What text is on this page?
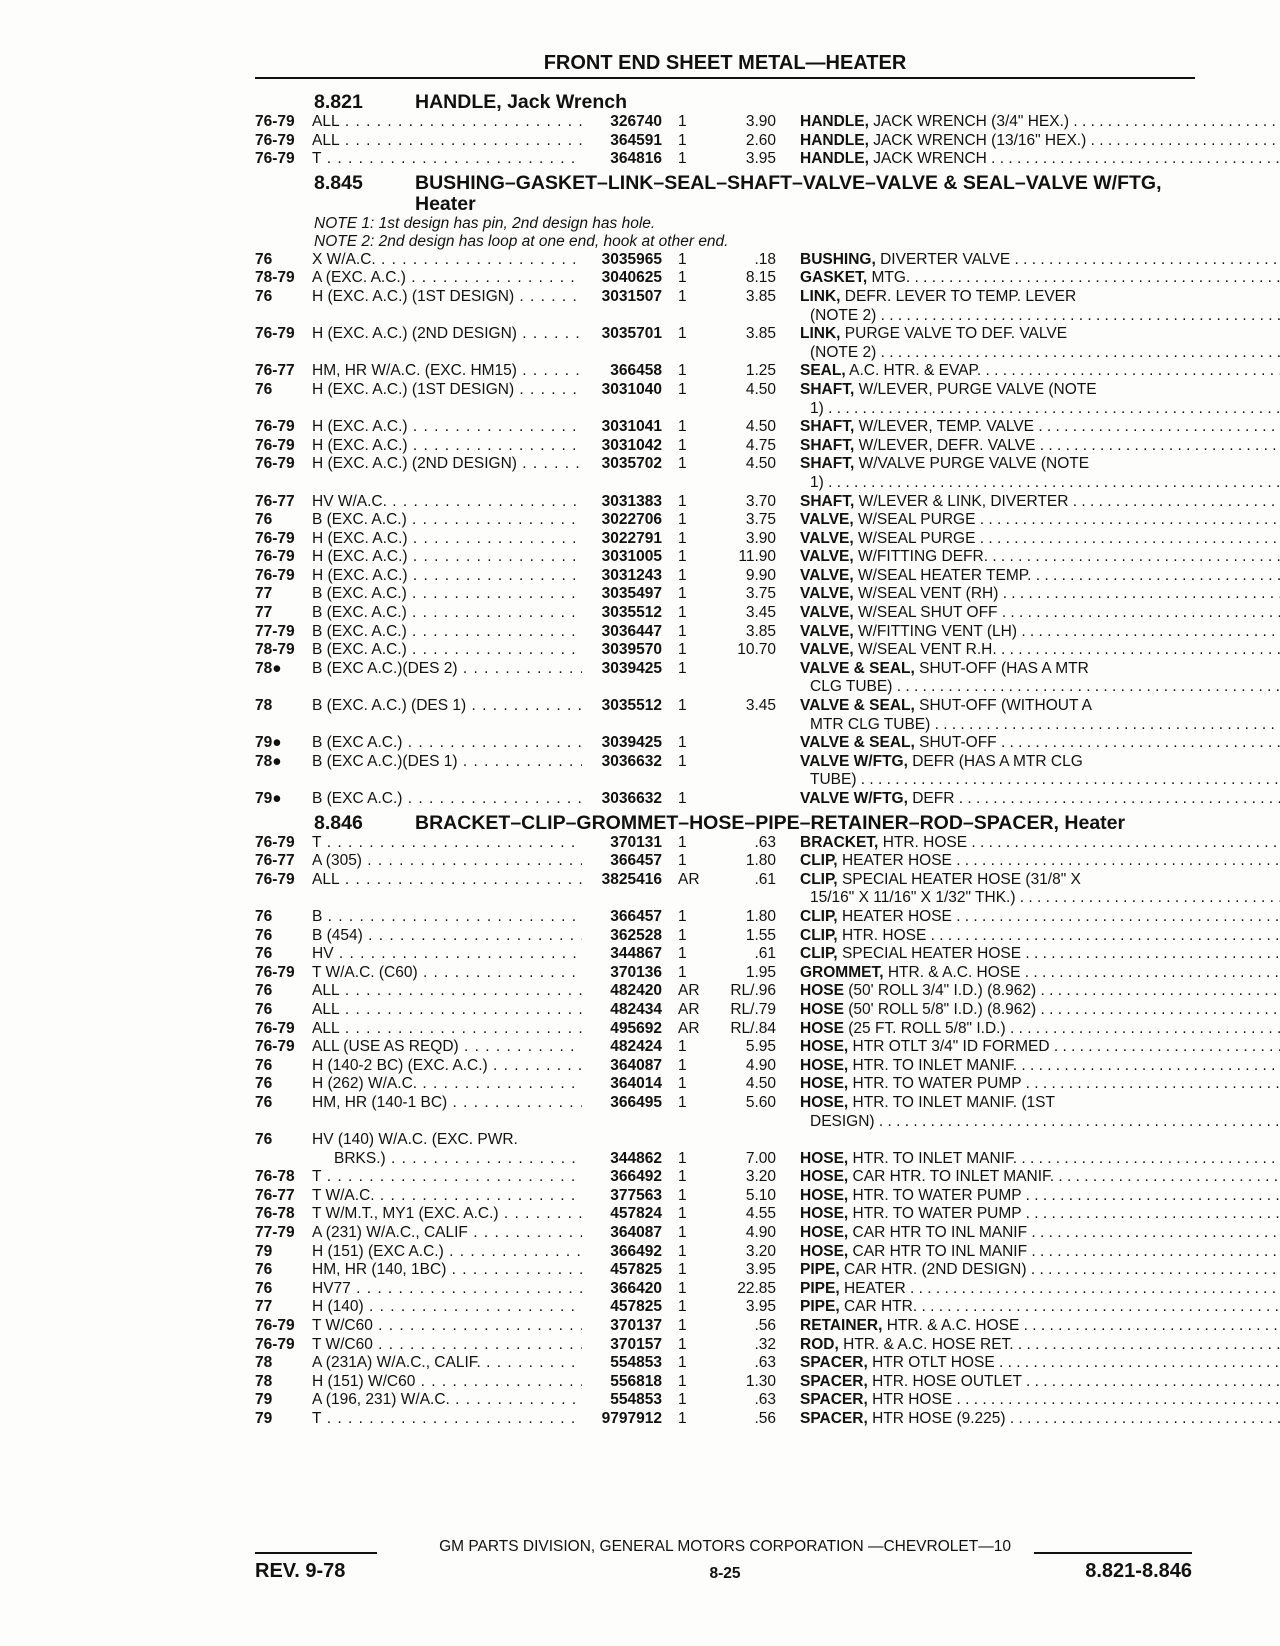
FRONT END SHEET METAL—HEATER
8.821	HANDLE, Jack Wrench
76-79	ALL . . .	326740	1	3.90 HANDLE, JACK WRENCH (3/4" HEX.) . . .
76-79	ALL . . .	364591	1	2.60 HANDLE, JACK WRENCH (13/16" HEX.) . . .
76-79	T . . .	364816	1	3.95 HANDLE, JACK WRENCH . . .
8.845	BUSHING–GASKET–LINK–SEAL–SHAFT–VALVE–VALVE & SEAL–VALVE W/FTG, Heater
NOTE 1: 1st design has pin, 2nd design has hole.
NOTE 2: 2nd design has loop at one end, hook at other end.
76	X W/A.C. . . .	3035965	1	.18 BUSHING, DIVERTER VALVE . . .
78-79	A (EXC. A.C.) . . .	3040625	1	8.15 GASKET, MTG. . . .
76	H (EXC. A.C.) (1ST DESIGN) . . .	3031507	1	3.85 LINK, DEFR. LEVER TO TEMP. LEVER
(NOTE 2) . . .
76-79	H (EXC. A.C.) (2ND DESIGN) . . .	3035701	1	3.85 LINK, PURGE VALVE TO DEF. VALVE
(NOTE 2) . . .
76-77	HM, HR W/A.C. (EXC. HM15) . . .	366458	1	1.25 SEAL, A.C. HTR. & EVAP. . . .
76	H (EXC. A.C.) (1ST DESIGN) . . .	3031040	1	4.50 SHAFT, W/LEVER, PURGE VALVE (NOTE
1) . . .
76-79	H (EXC. A.C.) . . .	3031041	1	4.50 SHAFT, W/LEVER, TEMP. VALVE . . .
76-79	H (EXC. A.C.) . . .	3031042	1	4.75 SHAFT, W/LEVER, DEFR. VALVE . . .
76-79	H (EXC. A.C.) (2ND DESIGN) . . .	3035702	1	4.50 SHAFT, W/VALVE PURGE VALVE (NOTE
1) . . .
76-77	HV W/A.C. . . .	3031383	1	3.70 SHAFT, W/LEVER & LINK, DIVERTER . . .
76	B (EXC. A.C.) . . .	3022706	1	3.75 VALVE, W/SEAL PURGE . . .
76-79	H (EXC. A.C.) . . .	3022791	1	3.90 VALVE, W/SEAL PURGE . . .
76-79	H (EXC. A.C.) . . .	3031005	1	11.90 VALVE, W/FITTING DEFR. . . .
76-79	H (EXC. A.C.) . . .	3031243	1	9.90 VALVE, W/SEAL HEATER TEMP. . . .
77	B (EXC. A.C.) . . .	3035497	1	3.75 VALVE, W/SEAL VENT (RH) . . .
77	B (EXC. A.C.) . . .	3035512	1	3.45 VALVE, W/SEAL SHUT OFF . . .
77-79	B (EXC. A.C.) . . .	3036447	1	3.85 VALVE, W/FITTING VENT (LH) . . .
78-79	B (EXC. A.C.) . . .	3039570	1	10.70 VALVE, W/SEAL VENT R.H. . . .
78●	B (EXC A.C.)(DES 2) . . .	3039425	1	VALVE & SEAL, SHUT-OFF (HAS A MTR
CLG TUBE) . . .
78	B (EXC. A.C.) (DES 1) . . .	3035512	1	3.45 VALVE & SEAL, SHUT-OFF (WITHOUT A
MTR CLG TUBE) . . .
79●	B (EXC A.C.) . . .	3039425	1	VALVE & SEAL, SHUT-OFF . . .
78●	B (EXC A.C.)(DES 1) . . .	3036632	1	VALVE W/FTG, DEFR (HAS A MTR CLG
TUBE) . . .
79●	B (EXC A.C.) . . .	3036632	1	VALVE W/FTG, DEFR . . .
8.846	BRACKET–CLIP–GROMMET–HOSE–PIPE–RETAINER–ROD–SPACER, Heater
76-79	T . . .	370131	1	.63 BRACKET, HTR. HOSE . . .
76-77	A (305) . . .	366457	1	1.80 CLIP, HEATER HOSE . . .
76-79	ALL . . .	3825416	AR	.61 CLIP, SPECIAL HEATER HOSE (31/8" X
15/16" X 11/16" X 1/32" THK.) . . .
76	B . . .	366457	1	1.80 CLIP, HEATER HOSE . . .
76	B (454) . . .	362528	1	1.55 CLIP, HTR. HOSE . . .
76	HV . . .	344867	1	.61 CLIP, SPECIAL HEATER HOSE . . .
76-79	T W/A.C. (C60) . . .	370136	1	1.95 GROMMET, HTR. & A.C. HOSE . . .
76	ALL . . .	482420	AR	RL/.96 HOSE (50' ROLL 3/4" I.D.) (8.962) . . .
76	ALL . . .	482434	AR	RL/.79 HOSE (50' ROLL 5/8" I.D.) (8.962) . . .
76-79	ALL . . .	495692	AR	RL/.84 HOSE (25 FT. ROLL 5/8" I.D.) . . .
76-79	ALL (USE AS REQD) . . .	482424	1	5.95 HOSE, HTR OTLT 3/4" ID FORMED . . .
76	H (140-2 BC) (EXC. A.C.) . . .	364087	1	4.90 HOSE, HTR. TO INLET MANIF. . . .
76	H (262) W/A.C. . . .	364014	1	4.50 HOSE, HTR. TO WATER PUMP . . .
76	HM, HR (140-1 BC) . . .	366495	1	5.60 HOSE, HTR. TO INLET MANIF. (1ST
DESIGN) . . .
76	HV (140) W/A.C. (EXC. PWR.
BRKS.) . . .	344862	1	7.00 HOSE, HTR. TO INLET MANIF. . . .
76-78	T . . .	366492	1	3.20 HOSE, CAR HTR. TO INLET MANIF. . . .
76-77	T W/A.C. . . .	377563	1	5.10 HOSE, HTR. TO WATER PUMP . . .
76-78	T W/M.T., MY1 (EXC. A.C.) . . .	457824	1	4.55 HOSE, HTR. TO WATER PUMP . . .
77-79	A (231) W/A.C., CALIF . . .	364087	1	4.90 HOSE, CAR HTR TO INL MANIF . . .
79	H (151) (EXC A.C.) . . .	366492	1	3.20 HOSE, CAR HTR TO INL MANIF . . .
76	HM, HR (140, 1BC) . . .	457825	1	3.95 PIPE, CAR HTR. (2ND DESIGN) . . .
76	HV77 . . .	366420	1	22.85 PIPE, HEATER . . .
77	H (140) . . .	457825	1	3.95 PIPE, CAR HTR. . . .
76-79	T W/C60 . . .	370137	1	.56 RETAINER, HTR. & A.C. HOSE . . .
76-79	T W/C60 . . .	370157	1	.32 ROD, HTR. & A.C. HOSE RET. . . .
78	A (231A) W/A.C., CALIF. . . .	554853	1	.63 SPACER, HTR OTLT HOSE . . .
78	H (151) W/C60 . . .	556818	1	1.30 SPACER, HTR. HOSE OUTLET . . .
79	A (196, 231) W/A.C. . . .	554853	1	.63 SPACER, HTR HOSE . . .
79	T . . .	9797912	1	.56 SPACER, HTR HOSE (9.225) . . .
GM PARTS DIVISION, GENERAL MOTORS CORPORATION —CHEVROLET—10
REV. 9-78	8-25	8.821-8.846
